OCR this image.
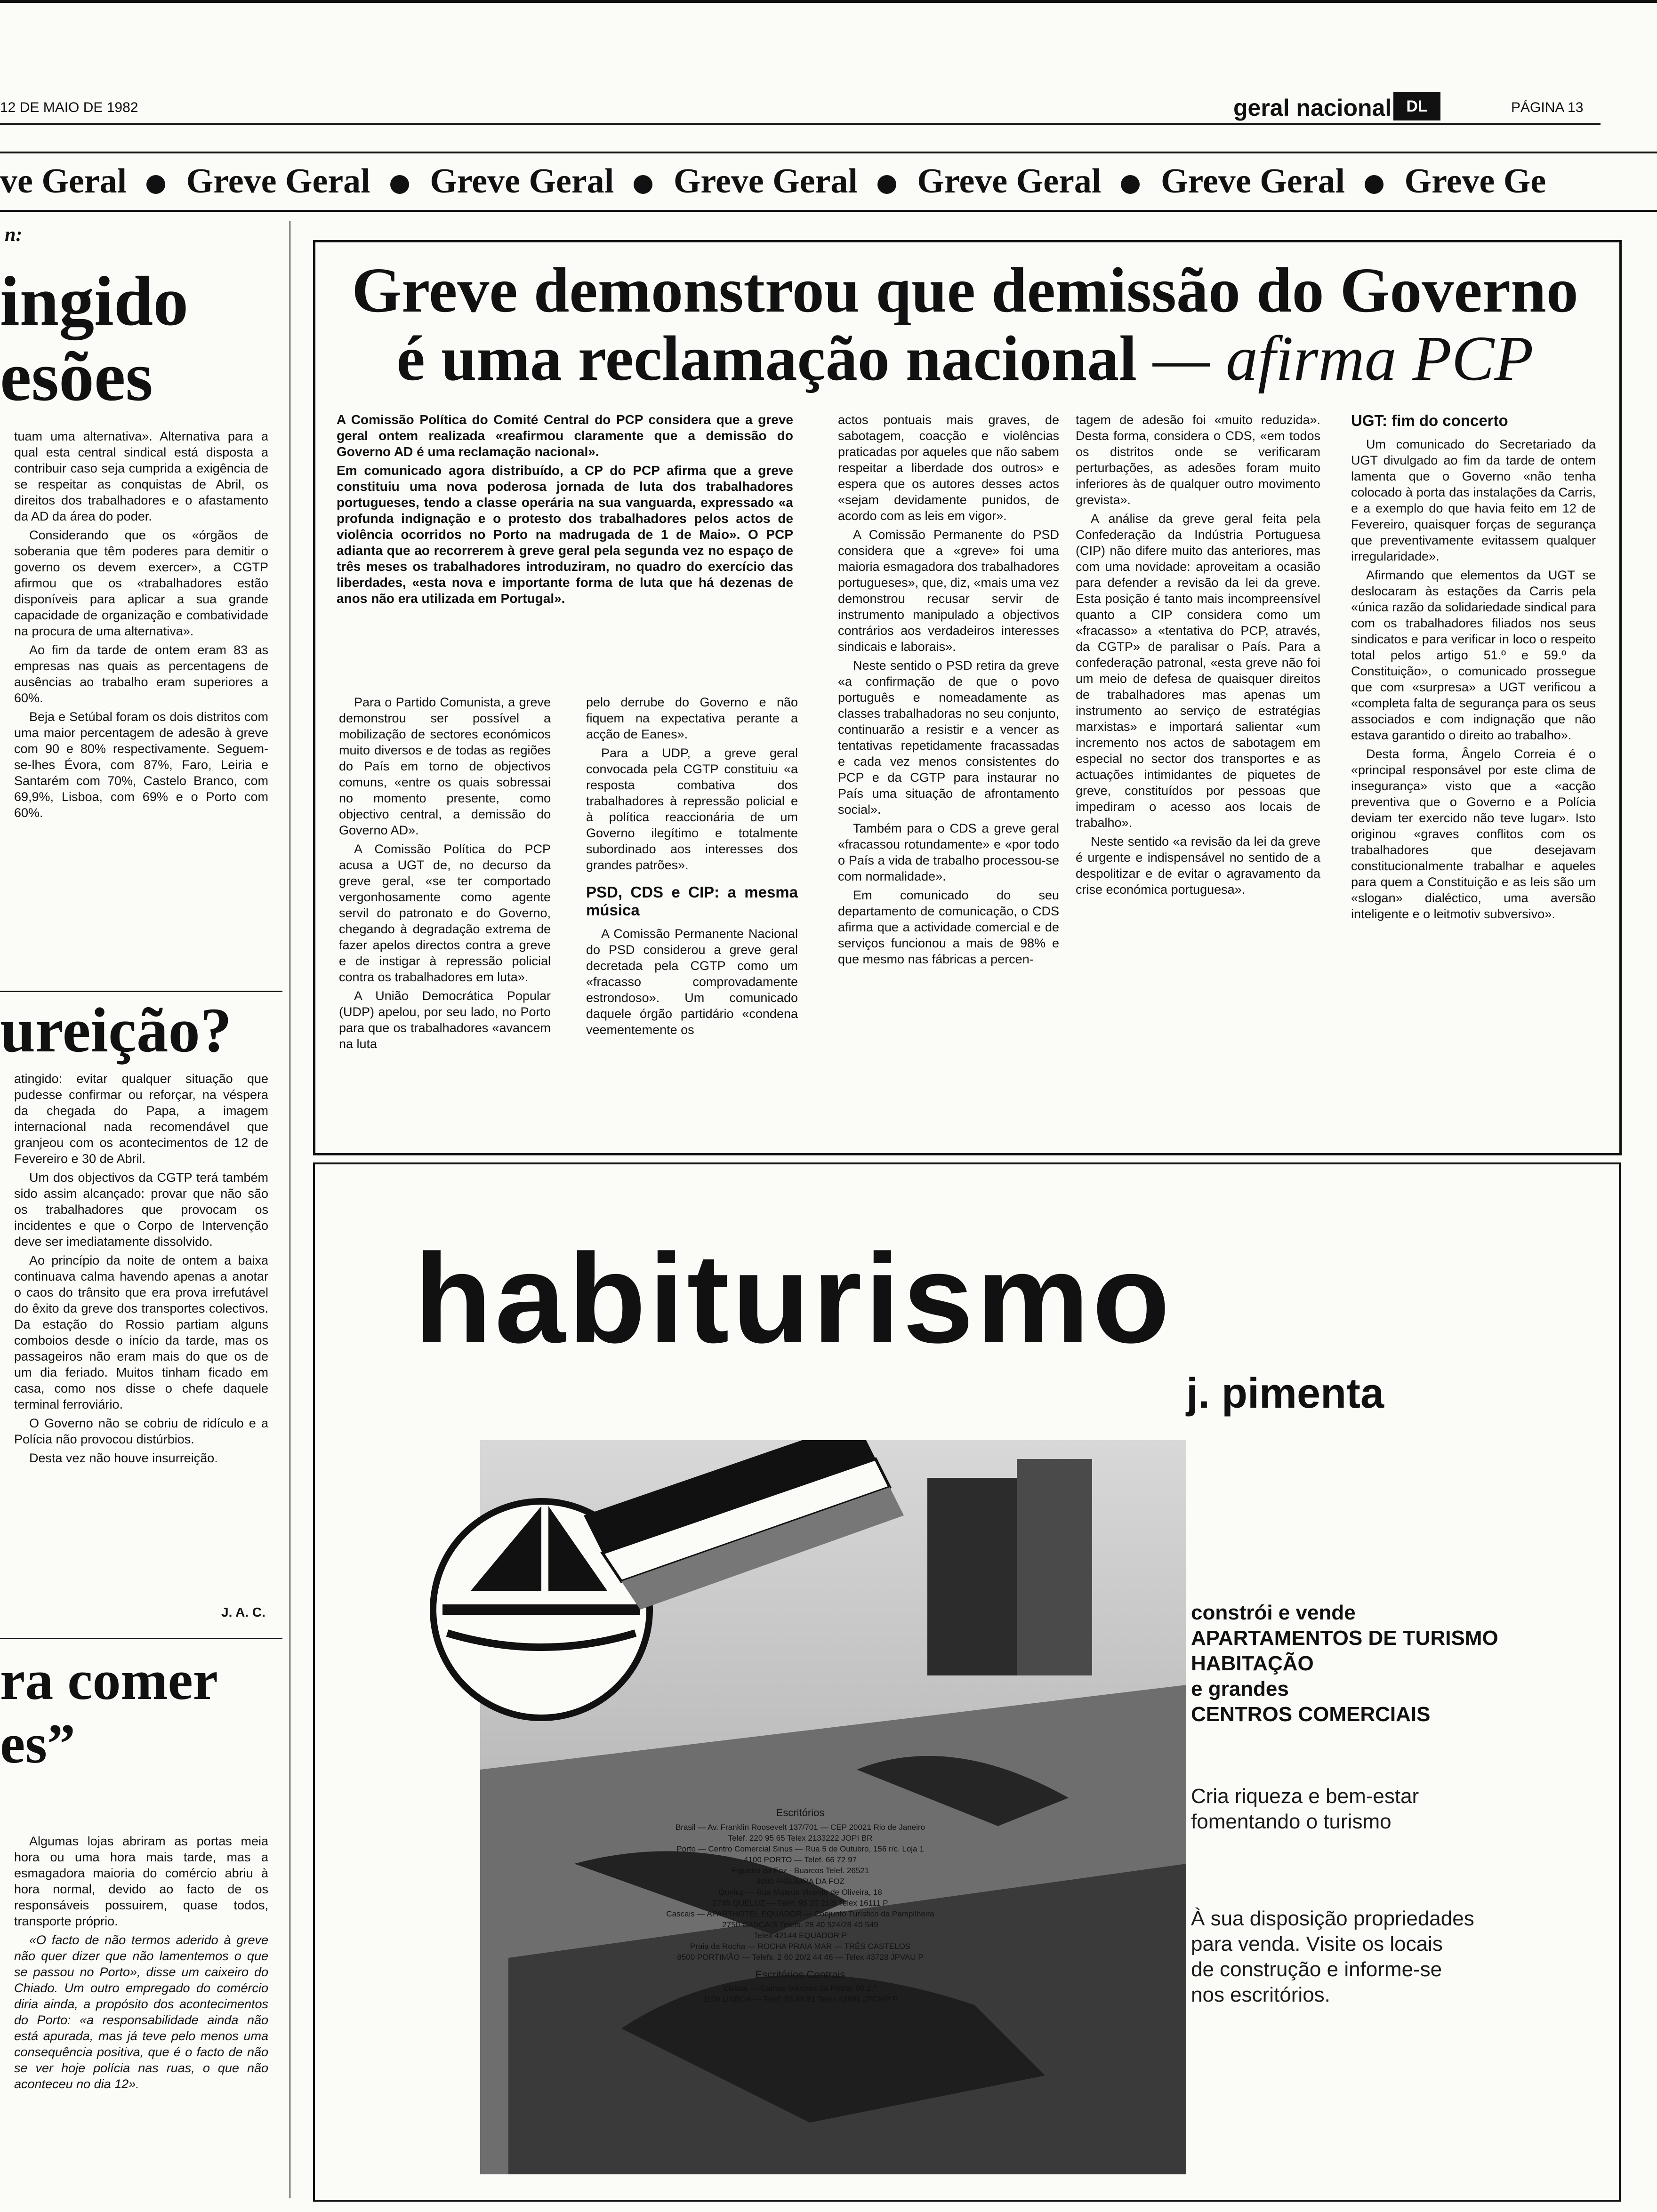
12 DE MAIO DE 1982	geral nacional DL	PÁGINA 13
ve Geral Greve Geral Greve Geral Greve Geral Greve Geral Greve Geral Greve Ge
n:
ingido
esões

tuam uma alternativa». Alternativa para a qual esta central sindical está disposta a contribuir caso seja cumprida a exigência de se respeitar as conquistas de Abril, os direitos dos trabalhadores e o afastamento da AD da área do poder.

Considerando que os «órgãos de soberania que têm poderes para demitir o governo os devem exercer», a CGTP afirmou que os «trabalhadores estão disponíveis para aplicar a sua grande capacidade de organização e combatividade na procura de uma alternativa».

Ao fim da tarde de ontem eram 83 as empresas nas quais as percentagens de ausências ao trabalho eram superiores a 60%.

Beja e Setúbal foram os dois distritos com uma maior percentagem de adesão à greve com 90 e 80% respectivamente. Seguem-se-lhes Évora, com 87%, Faro, Leiria e Santarém com 70%, Castelo Branco, com 69,9%, Lisboa, com 69% e o Porto com 60%.

ureição?

atingido: evitar qualquer situação que pudesse confirmar ou reforçar, na véspera da chegada do Papa, a imagem internacional nada recomendável que granjeou com os acontecimentos de 12 de Fevereiro e 30 de Abril.

Um dos objectivos da CGTP terá também sido assim alcançado: provar que não são os trabalhadores que provocam os incidentes e que o Corpo de Intervenção deve ser imediatamente dissolvido.

Ao princípio da noite de ontem a baixa continuava calma havendo apenas a anotar o caos do trânsito que era prova irrefutável do êxito da greve dos transportes colectivos. Da estação do Rossio partiam alguns comboios desde o início da tarde, mas os passageiros não eram mais do que os de um dia feriado. Muitos tinham ficado em casa, como nos disse o chefe daquele terminal ferroviário.

O Governo não se cobriu de ridículo e a Polícia não provocou distúrbios.

Desta vez não houve insurreição.

J. A. C.
ra comer
es”

Algumas lojas abriram as portas meia hora ou uma hora mais tarde, mas a esmagadora maioria do comércio abriu à hora normal, devido ao facto de os responsáveis possuirem, quase todos, transporte próprio.

«O facto de não termos aderido à greve não quer dizer que não lamentemos o que se passou no Porto», disse um caixeiro do Chiado. Um outro empregado do comércio diria ainda, a propósito dos acontecimentos do Porto: «a responsabilidade ainda não está apurada, mas já teve pelo menos uma consequência positiva, que é o facto de não se ver hoje polícia nas ruas, o que não aconteceu no dia 12».

Greve demonstrou que demissão do Governo
é uma reclamação nacional — afirma PCP

A Comissão Política do Comité Central do PCP considera que a greve geral ontem realizada «reafirmou claramente que a demissão do Governo AD é uma reclamação nacional».

Em comunicado agora distribuído, a CP do PCP afirma que a greve constituiu uma nova poderosa jornada de luta dos trabalhadores portugueses, tendo a classe operária na sua vanguarda, expressado «a profunda indignação e o protesto dos trabalhadores pelos actos de violência ocorridos no Porto na madrugada de 1 de Maio». O PCP adianta que ao recorrerem à greve geral pela segunda vez no espaço de três meses os trabalhadores introduziram, no quadro do exercício das liberdades, «esta nova e importante forma de luta que há dezenas de anos não era utilizada em Portugal».

Para o Partido Comunista, a greve demonstrou ser possível a mobilização de sectores económicos muito diversos e de todas as regiões do País em torno de objectivos comuns, «entre os quais sobressai no momento presente, como objectivo central, a demissão do Governo AD».

A Comissão Política do PCP acusa a UGT de, no decurso da greve geral, «se ter comportado vergonhosamente como agente servil do patronato e do Governo, chegando à degradação extrema de fazer apelos directos contra a greve e de instigar à repressão policial contra os trabalhadores em luta».

A União Democrática Popular (UDP) apelou, por seu lado, no Porto para que os trabalhadores «avancem na luta

pelo derrube do Governo e não fiquem na expectativa perante a acção de Eanes».

Para a UDP, a greve geral convocada pela CGTP constituiu «a resposta combativa dos trabalhadores à repressão policial e à política reaccionária de um Governo ilegítimo e totalmente subordinado aos interesses dos grandes patrões».

PSD, CDS e CIP: a mesma música

A Comissão Permanente Nacional do PSD considerou a greve geral decretada pela CGTP como um «fracasso comprovadamente estrondoso». Um comunicado daquele órgão partidário «condena veementemente os

actos pontuais mais graves, de sabotagem, coacção e violências praticadas por aqueles que não sabem respeitar a liberdade dos outros» e espera que os autores desses actos «sejam devidamente punidos, de acordo com as leis em vigor».

A Comissão Permanente do PSD considera que a «greve» foi uma maioria esmagadora dos trabalhadores portugueses», que, diz, «mais uma vez demonstrou recusar servir de instrumento manipulado a objectivos contrários aos verdadeiros interesses sindicais e laborais».

Neste sentido o PSD retira da greve «a confirmação de que o povo português e nomeadamente as classes trabalhadoras no seu conjunto, continuarão a resistir e a vencer as tentativas repetidamente fracassadas e cada vez menos consistentes do PCP e da CGTP para instaurar no País uma situação de afrontamento social».

Também para o CDS a greve geral «fracassou rotundamente» e «por todo o País a vida de trabalho processou-se com normalidade».

Em comunicado do seu departamento de comunicação, o CDS afirma que a actividade comercial e de serviços funcionou a mais de 98% e que mesmo nas fábricas a percen-

tagem de adesão foi «muito reduzida». Desta forma, considera o CDS, «em todos os distritos onde se verificaram perturbações, as adesões foram muito inferiores às de qualquer outro movimento grevista».

A análise da greve geral feita pela Confederação da Indústria Portuguesa (CIP) não difere muito das anteriores, mas com uma novidade: aproveitam a ocasião para defender a revisão da lei da greve. Esta posição é tanto mais incompreensível quanto a CIP considera como um «fracasso» a «tentativa do PCP, através, da CGTP» de paralisar o País. Para a confederação patronal, «esta greve não foi um meio de defesa de quaisquer direitos de trabalhadores mas apenas um instrumento ao serviço de estratégias marxistas» e importará salientar «um incremento nos actos de sabotagem em especial no sector dos transportes e as actuações intimidantes de piquetes de greve, constituídos por pessoas que impediram o acesso aos locais de trabalho».

Neste sentido «a revisão da lei da greve é urgente e indispensável no sentido de a despolitizar e de evitar o agravamento da crise económica portuguesa».

UGT: fim do concerto

Um comunicado do Secretariado da UGT divulgado ao fim da tarde de ontem lamenta que o Governo «não tenha colocado à porta das instalações da Carris, e a exemplo do que havia feito em 12 de Fevereiro, quaisquer forças de segurança que preventivamente evitassem qualquer irregularidade».

Afirmando que elementos da UGT se deslocaram às estações da Carris pela «única razão da solidariedade sindical para com os trabalhadores filiados nos seus sindicatos e para verificar in loco o respeito total pelos artigo 51.º e 59.º da Constituição», o comunicado prossegue que com «surpresa» a UGT verificou a «completa falta de segurança para os seus associados e com indignação que não estava garantido o direito ao trabalho».

Desta forma, Ângelo Correia é o «principal responsável por este clima de insegurança» visto que a «acção preventiva que o Governo e a Polícia deviam ter exercido não teve lugar». Isto originou «graves conflitos com os trabalhadores que desejavam constitucionalmente trabalhar e aqueles para quem a Constituição e as leis são um «slogan» dialéctico, uma aversão inteligente e o leitmotiv subversivo».

habiturismo
j. pimenta
Escritórios
Brasil — Av. Franklin Roosevelt 137/701 — CEP 20021 Rio de Janeiro
Telef. 220 95 65 Telex 2133222 JOPI BR
Porto — Centro Comercial Sinus — Rua 5 de Outubro, 156 r/c. Loja 1
4100 PORTO — Telef. 66 72 97
Figueira da Foz - Buarcos Telef. 26521
3080 FIGUEIRA DA FOZ
Queluz — Rua Mateus Vicente de Oliveira, 18
2745 QUELUZ — Telef. 95 20 21/5 Telex 16111 P
Cascais — APARTHOTEL EQUADOR — Conjunto Turístico da Pampilheira
2750 CASCAIS Telefs. 28 40 524/28 40 549
Telex 42144 EQUADOR P
Praia da Rocha — ROCHA PRAIA MAR — TRÊS CASTELOS
8500 PORTIMÃO — Telefs. 2 60 20/2 44 46 — Telex 43728 JPVAU P
Escritórios Centrais
Lisboa — Campo Mártires da Pátria, 96 2.º
1100 LISBOA — Telef. 55 88 51 Telex 42681 JPCMP P
constrói e vende
APARTAMENTOS DE TURISMO
HABITAÇÃO
e grandes
CENTROS COMERCIAIS
Cria riqueza e bem-estar
fomentando o turismo
À sua disposição propriedades
para venda. Visite os locais
de construção e informe-se
nos escritórios.
